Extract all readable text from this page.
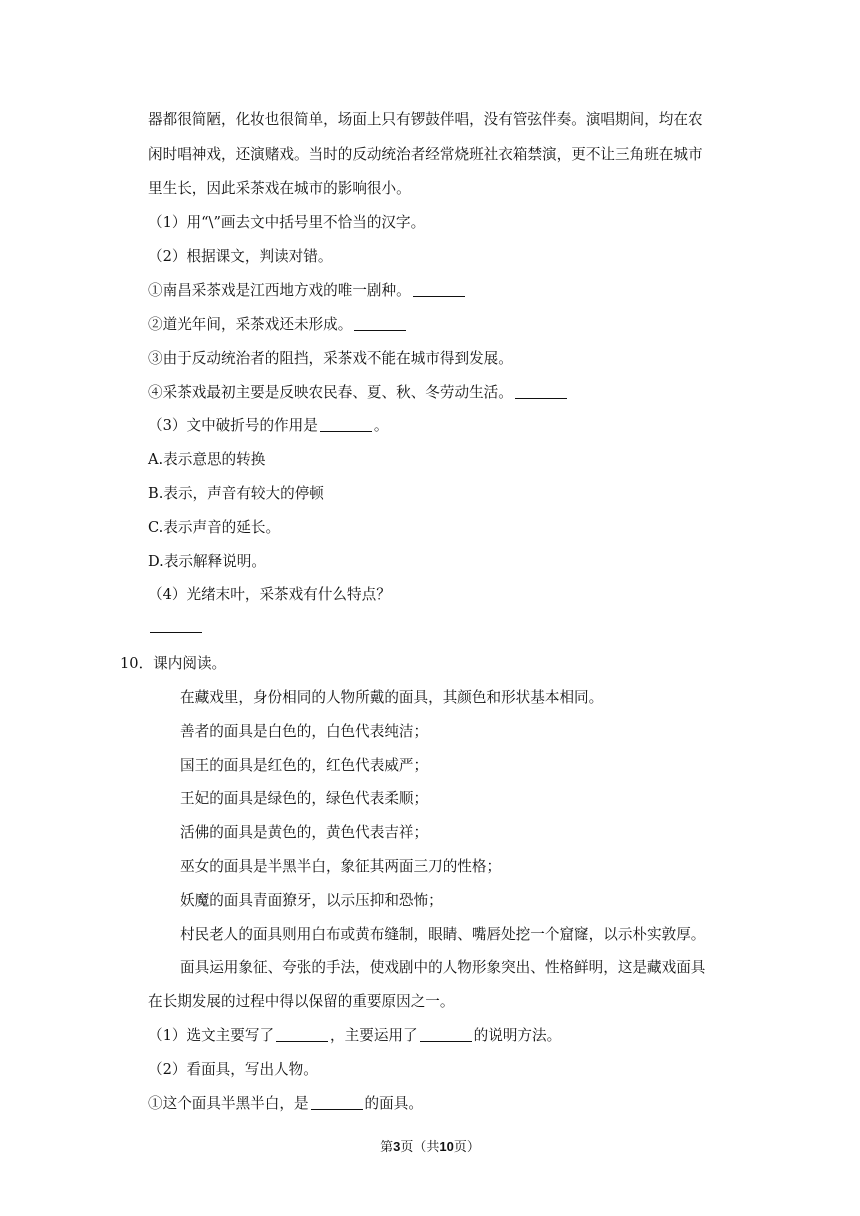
器都很简陋，化妆也很简单，场面上只有锣鼓伴唱，没有管弦伴奏。演唱期间，均在农
闲时唱神戏，还演赌戏。当时的反动统治者经常烧班社衣箱禁演，更不让三角班在城市
里生长，因此采茶戏在城市的影响很小。
（1）用“\”画去文中括号里不恰当的汉字。
（2）根据课文，判读对错。
①南昌采茶戏是江西地方戏的唯一剧种。
②道光年间，采茶戏还未形成。
③由于反动统治者的阻挡，采茶戏不能在城市得到发展。
④采茶戏最初主要是反映农民春、夏、秋、冬劳动生活。
（3）文中破折号的作用是	。
A.表示意思的转换
B.表示，声音有较大的停顿
C.表示声音的延长。
D.表示解释说明。
（4）光绪末叶，采茶戏有什么特点？
10．课内阅读。
在藏戏里，身份相同的人物所戴的面具，其颜色和形状基本相同。
善者的面具是白色的，白色代表纯洁；
国王的面具是红色的，红色代表威严；
王妃的面具是绿色的，绿色代表柔顺；
活佛的面具是黄色的，黄色代表吉祥；
巫女的面具是半黑半白，象征其两面三刀的性格；
妖魔的面具青面獠牙，以示压抑和恐怖；
村民老人的面具则用白布或黄布缝制，眼睛、嘴唇处挖一个窟窿，以示朴实敦厚。
面具运用象征、夸张的手法，使戏剧中的人物形象突出、性格鲜明，这是藏戏面具
在长期发展的过程中得以保留的重要原因之一。
（1）选文主要写了	，主要运用了	的说明方法。
（2）看面具，写出人物。
①这个面具半黑半白，是	的面具。
第3页（共10页）
